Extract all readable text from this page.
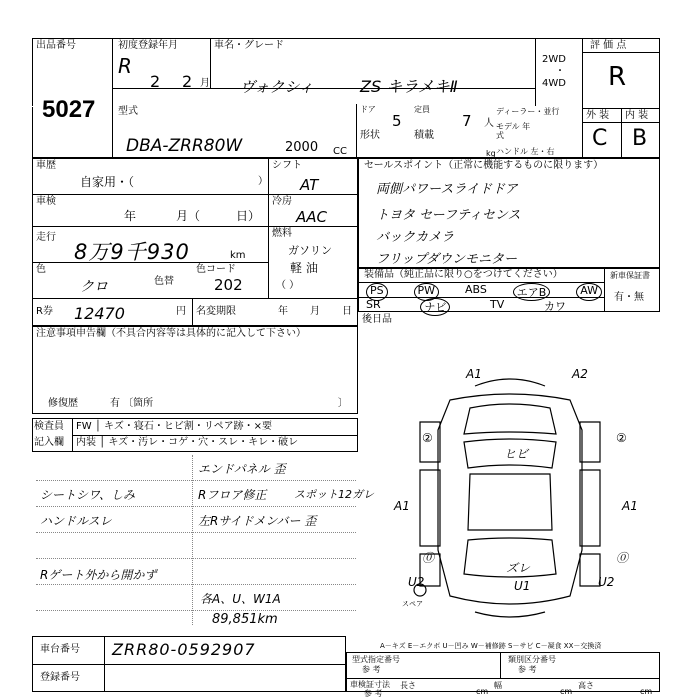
出品番号
5027
初度登録年月
R
2 2 月
車名・グレード
ヴォクシィ	ZS キラメキⅡ
2WD
・
4WD
評 価 点
R
型式
DBA-ZRR80W	2000 CC
ドア
5
定員
7 人
形状	積載
kg
ディーラー・並行
モデル 年式
ハンドル 左・右
外 装 内 装
C B
車歴
自家用・（	）
シフト
AT
車検
年	月（	日）
冷房
AAC
走行
8万9千930	km
燃料
ガソリン
軽 油
（ ）
色
クロ	色替
色コード
202
R券 12470	円 名変期限	年 月 日
セールスポイント（正常に機能するものに限ります）
両側パワースライドドア
トヨタ セーフティセンス
バックカメラ
フリップダウンモニター
装備品（純正品に限り○をつけてください）
PS	PW	ABS	エアB	AW
SR	ナビ	TV	カワ
新車保証書
有・無
後日品
注意事項申告欄（不具合内容等は具体的に記入して下さい）
修復歴	有 〔箇所	〕
検査員
記入欄
FW │ キズ・寝石・ヒビ割・リペア跡・×要
内装 │ キズ・汚レ・コゲ・穴・スレ・キレ・破レ
シートシワ、しみ
ハンドルスレ
Rゲート外から開かず
エンドパネル 歪
Rフロア修正	スポット12ガレ
左Rサイドメンバー 歪
各A、U、W1A
89,851km
A1	A2
②	②
ヒビ
A1	A1
⓪	⓪
U2	U2
ズレ
U1
スペア
A－キズ E－エクボ U－凹み W－補修跡 S－サビ C－凝食 XX－交換済
車台番号 ZRR80-0592907
登録番号
型式指定番号
参 考
類別区分番号
参 考
車検証寸法
参 考
長さ
cm
幅
cm
高さ
cm
